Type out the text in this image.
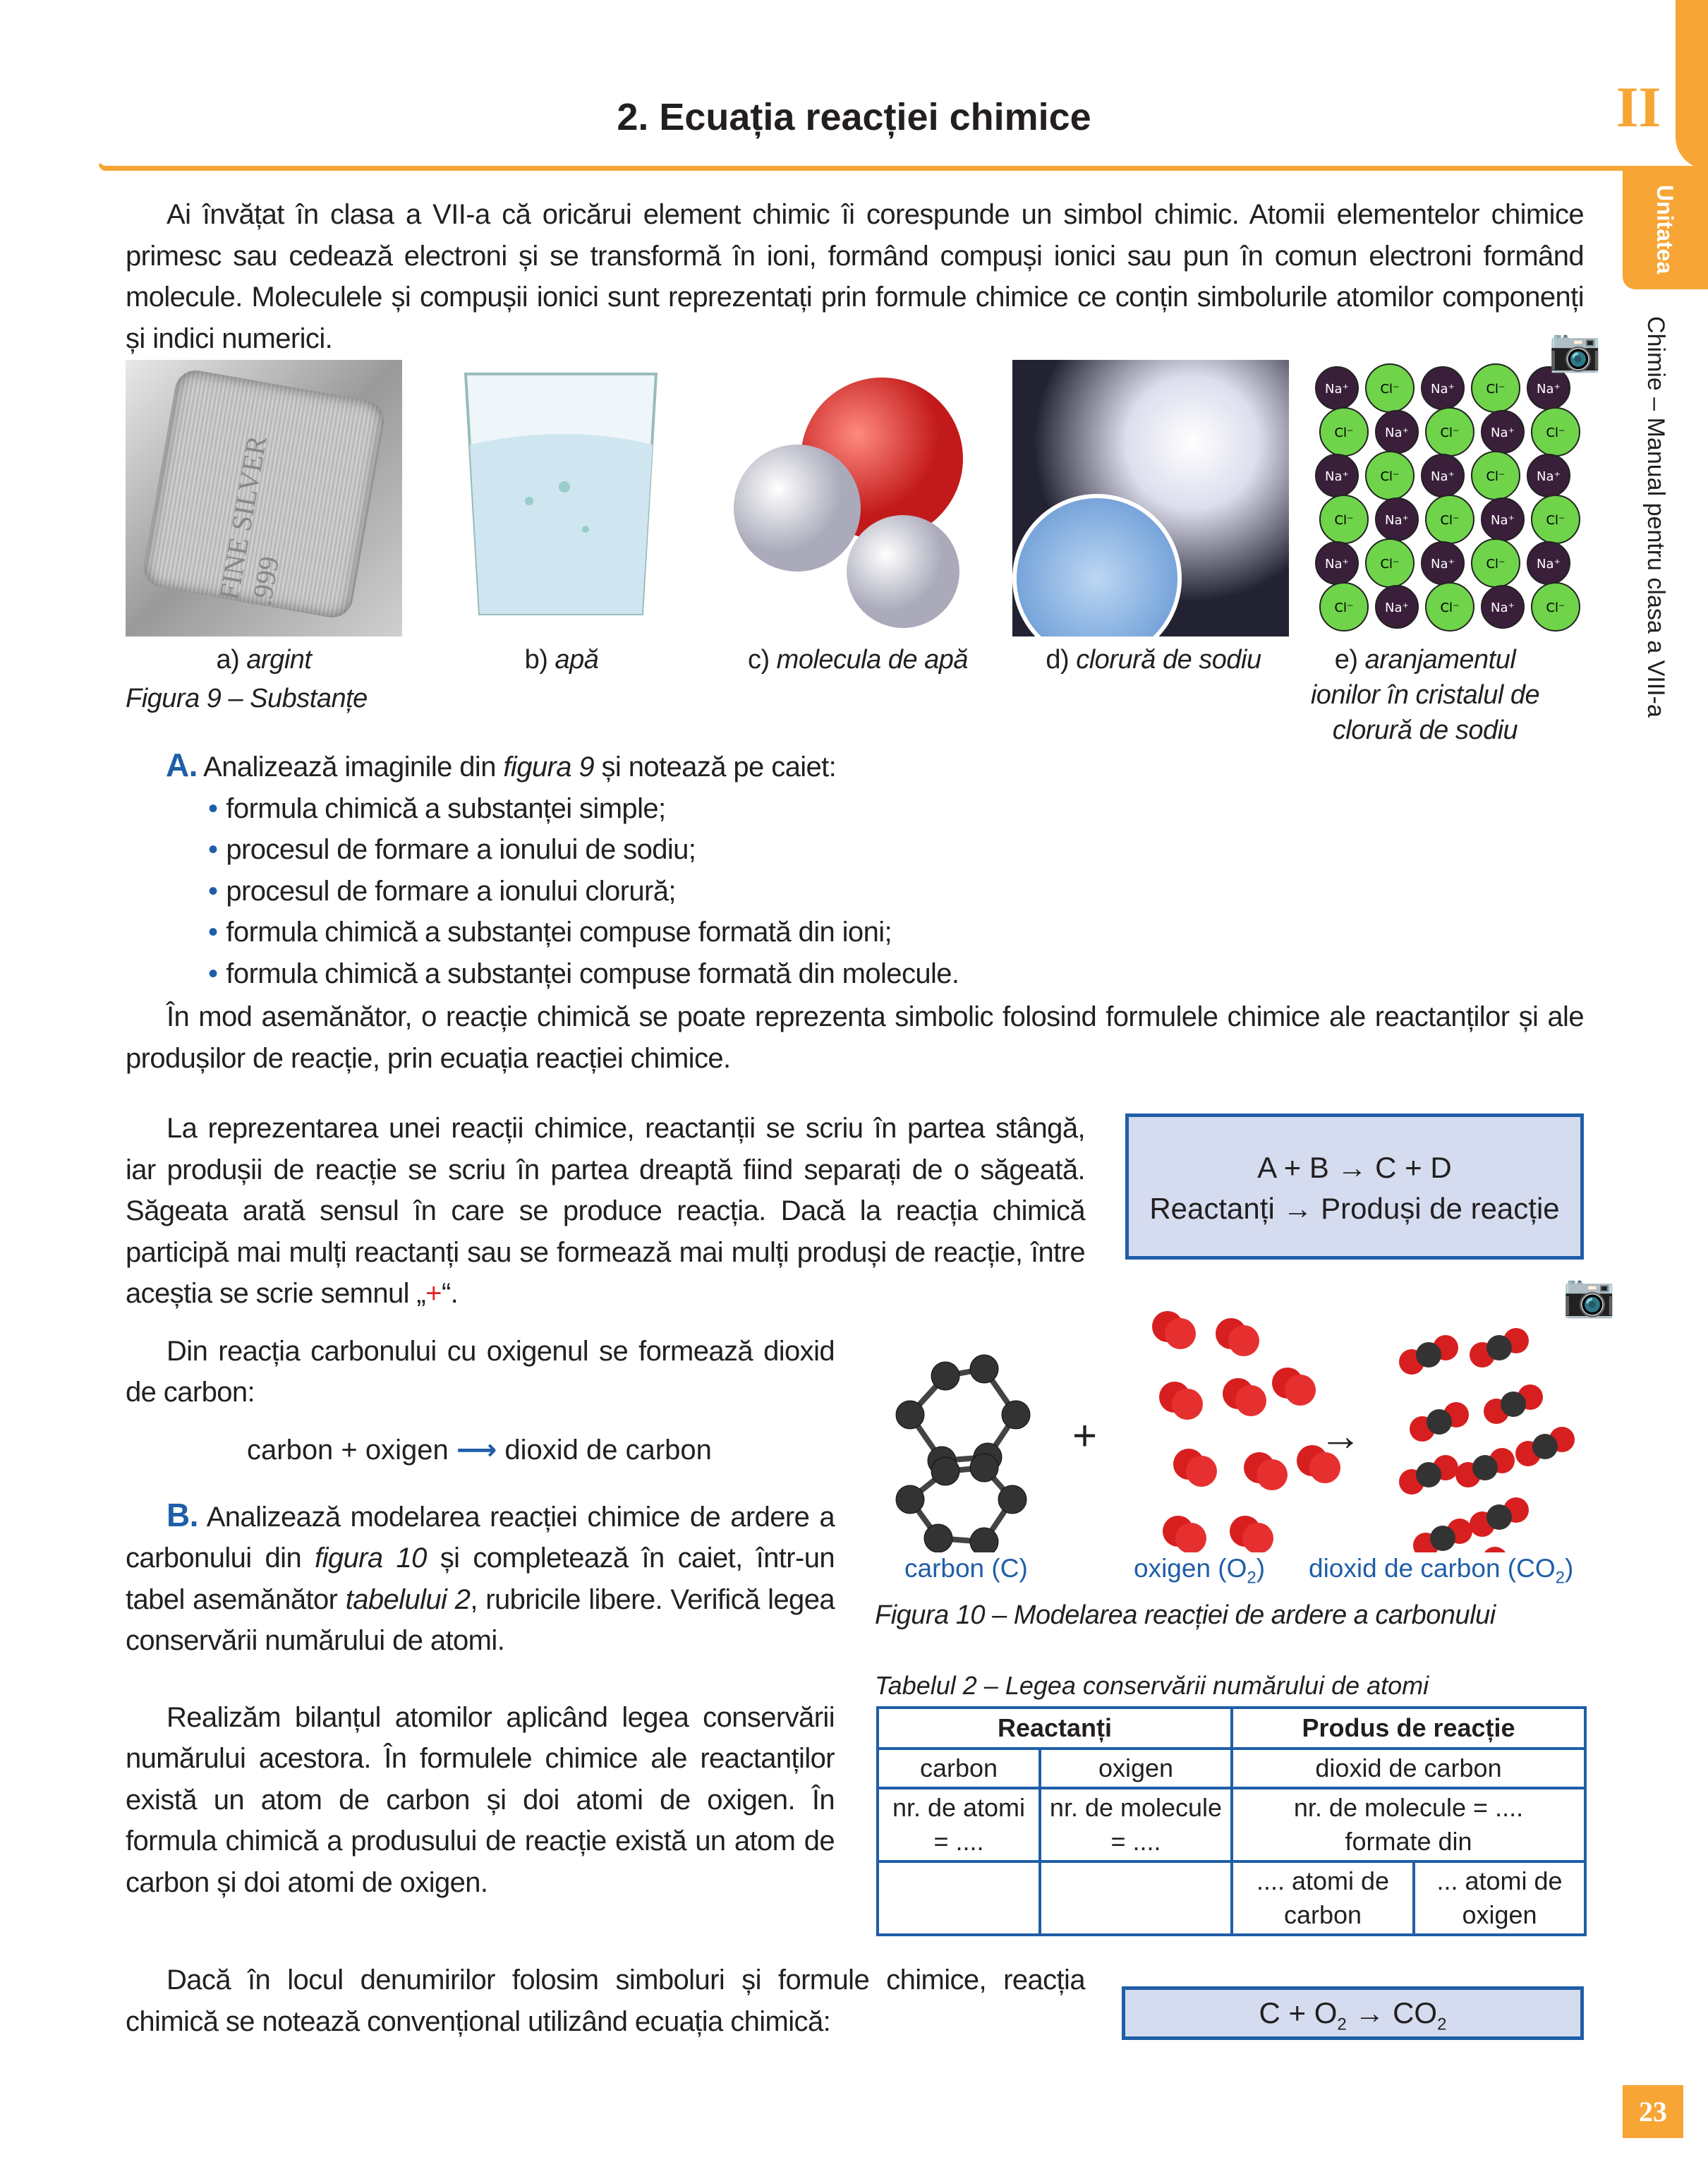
2. Ecuația reacției chimice	II
Unitatea
Chimie – Manual pentru clasa a VIII-a
Ai învățat în clasa a VII-a că oricărui element chimic îi corespunde un simbol chimic. Atomii elementelor chimice primesc sau cedează electroni și se transformă în ioni, formând compuși ionici sau pun în comun electroni formând molecule. Moleculele și compușii ionici sunt reprezentați prin formule chimice ce conțin simbolurile atomilor componenți și indici numerici.
FINE SILVER .999
Na⁺ Cl⁻ Na⁺ Cl⁻ Na⁺
Cl⁻ Na⁺ Cl⁻ Na⁺ Cl⁻
Na⁺ Cl⁻ Na⁺ Cl⁻ Na⁺
Cl⁻ Na⁺ Cl⁻ Na⁺ Cl⁻
Na⁺ Cl⁻ Na⁺ Cl⁻ Na⁺
Cl⁻ Na⁺ Cl⁻ Na⁺ Cl⁻
📷
a) argint	b) apă	c) molecula de apă	d) clorură de sodiu	e) aranjamentul ionilor în cristalul de clorură de sodiu
Figura 9 – Substanțe
A. Analizează imaginile din figura 9 și notează pe caiet:
• formula chimică a substanței simple;
• procesul de formare a ionului de sodiu;
• procesul de formare a ionului clorură;
• formula chimică a substanței compuse formată din ioni;
• formula chimică a substanței compuse formată din molecule.
În mod asemănător, o reacție chimică se poate reprezenta simbolic folosind formulele chimice ale reactanților și ale produșilor de reacție, prin ecuația reacției chimice.
A + B → C + D
Reactanți → Produși de reacție
La reprezentarea unei reacții chimice, reactanții se scriu în partea stângă, iar produșii de reacție se scriu în partea dreaptă fiind separați de o săgeată. Săgeata arată sensul în care se produce reacția. Dacă la reacția chimică participă mai mulți reactanți sau se formează mai mulți produși de reacție, între aceștia se scrie semnul „+“.
Din reacția carbonului cu oxigenul se formează dioxid de carbon:
carbon + oxigen ⟶ dioxid de carbon
B. Analizează modelarea reacției chimice de ardere a carbonului din figura 10 și completează în caiet, într-un tabel asemănător tabelului 2, rubricile libere. Verifică legea conservării numărului de atomi.
Realizăm bilanțul atomilor aplicând legea conservării numărului acestora. În formulele chimice ale reactanților există un atom de carbon și doi atomi de oxigen. În formula chimică a produsului de reacție există un atom de carbon și doi atomi de oxigen.
Dacă în locul denumirilor folosim simboluri și formule chimice, reacția chimică se notează convențional utilizând ecuația chimică:
+	→
📷
carbon (C)	oxigen $(O_2)$ dioxid de carbon $(CO_2)$
Figura 10 – Modelarea reacției de ardere a carbonului
Tabelul 2 – Legea conservării numărului de atomi
Reactanți		Produs de reacție	
carbon	oxigen	dioxid de carbon	
nr. de atomi = ....	nr. de molecule = ....	nr. de molecule = .... formate din	
		.... atomi de carbon	... atomi de oxigen
$C + O_2 \to CO_2$
23
